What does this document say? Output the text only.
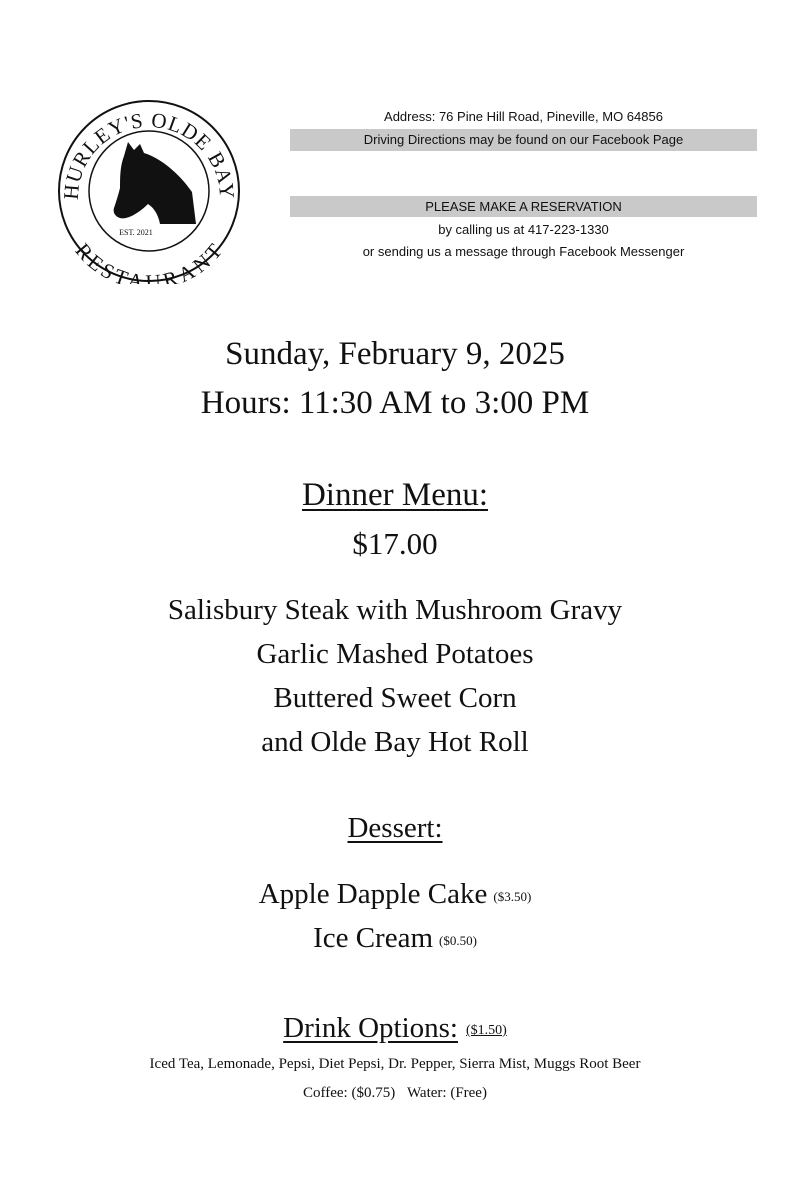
HURLEY'S OLDE BAY
RESTAURANT
EST. 2021
Address: 76 Pine Hill Road, Pineville, MO 64856
Driving Directions may be found on our Facebook Page
PLEASE MAKE A RESERVATION
by calling us at 417-223-1330
or sending us a message through Facebook Messenger
Sunday, February 9, 2025
Hours: 11:30 AM to 3:00 PM
Dinner Menu:
$17.00
Salisbury Steak with Mushroom Gravy
Garlic Mashed Potatoes
Buttered Sweet Corn
and Olde Bay Hot Roll
Dessert:
Apple Dapple Cake ($3.50)
Ice Cream ($0.50)
Drink Options: ($1.50)
Iced Tea, Lemonade, Pepsi, Diet Pepsi, Dr. Pepper, Sierra Mist, Muggs Root Beer
Coffee: ($0.75) Water: (Free)
